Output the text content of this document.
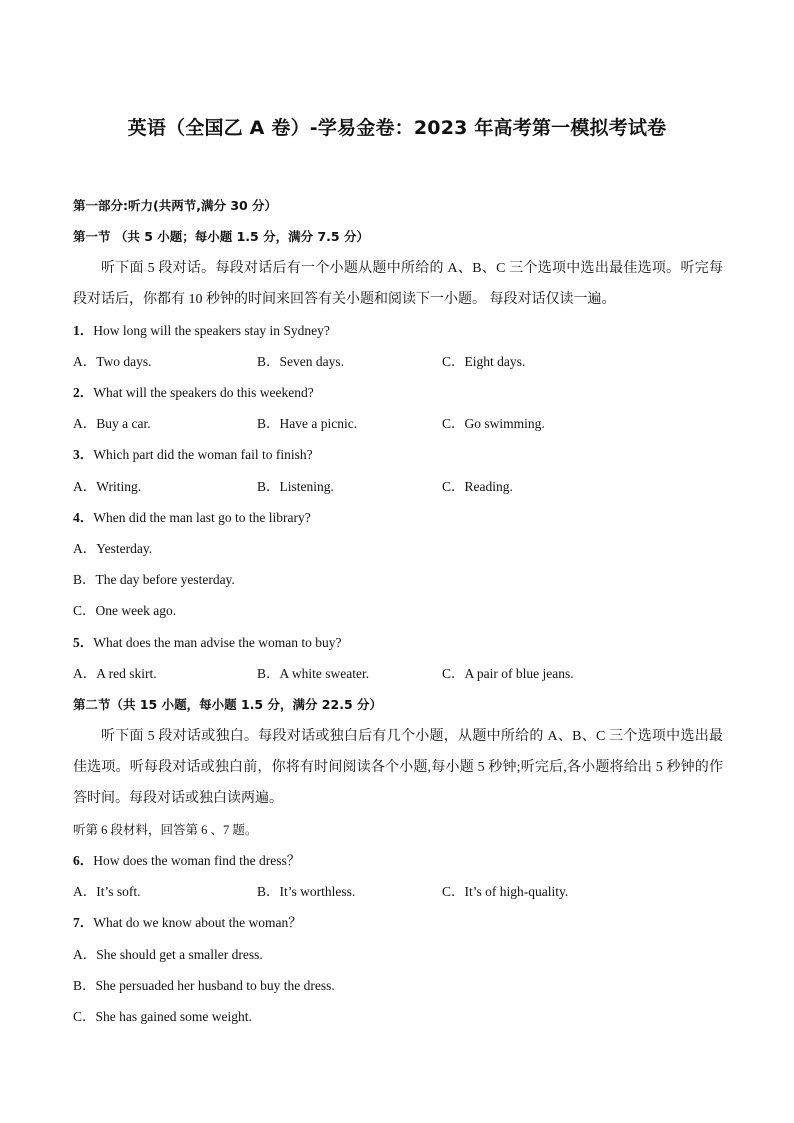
英语（全国乙 A 卷）-学易金卷：2023 年高考第一模拟考试卷
第一部分:听力(共两节,满分 30 分）
第一节 （共 5 小题；每小题 1.5 分，满分 7.5 分）
听下面 5 段对话。每段对话后有一个小题从题中所给的 A、B、C 三个选项中选出最佳选项。听完每段对话后，你都有 10 秒钟的时间来回答有关小题和阅读下一小题。 每段对话仅读一遍。
1．How long will the speakers stay in Sydney?
A．Two days.	B．Seven days.	C．Eight days.
2．What will the speakers do this weekend?
A．Buy a car.	B．Have a picnic.	C．Go swimming.
3．Which part did the woman fail to finish?
A．Writing.	B．Listening.	C．Reading.
4．When did the man last go to the library?
A．Yesterday.
B．The day before yesterday.
C．One week ago.
5．What does the man advise the woman to buy?
A．A red skirt.	B．A white sweater.	C．A pair of blue jeans.
第二节（共 15 小题，每小题 1.5 分，满分 22.5 分）
听下面 5 段对话或独白。每段对话或独白后有几个小题，从题中所给的 A、B、C 三个选项中选出最佳选项。听每段对话或独白前，你将有时间阅读各个小题,每小题 5 秒钟;听完后,各小题将给出 5 秒钟的作答时间。每段对话或独白读两遍。
听第 6 段材料，回答第 6 、7 题。
6．How does the woman find the dress？
A．It’s soft.	B．It’s worthless.	C．It’s of high-quality.
7．What do we know about the woman？
A．She should get a smaller dress.
B．She persuaded her husband to buy the dress.
C．She has gained some weight.
